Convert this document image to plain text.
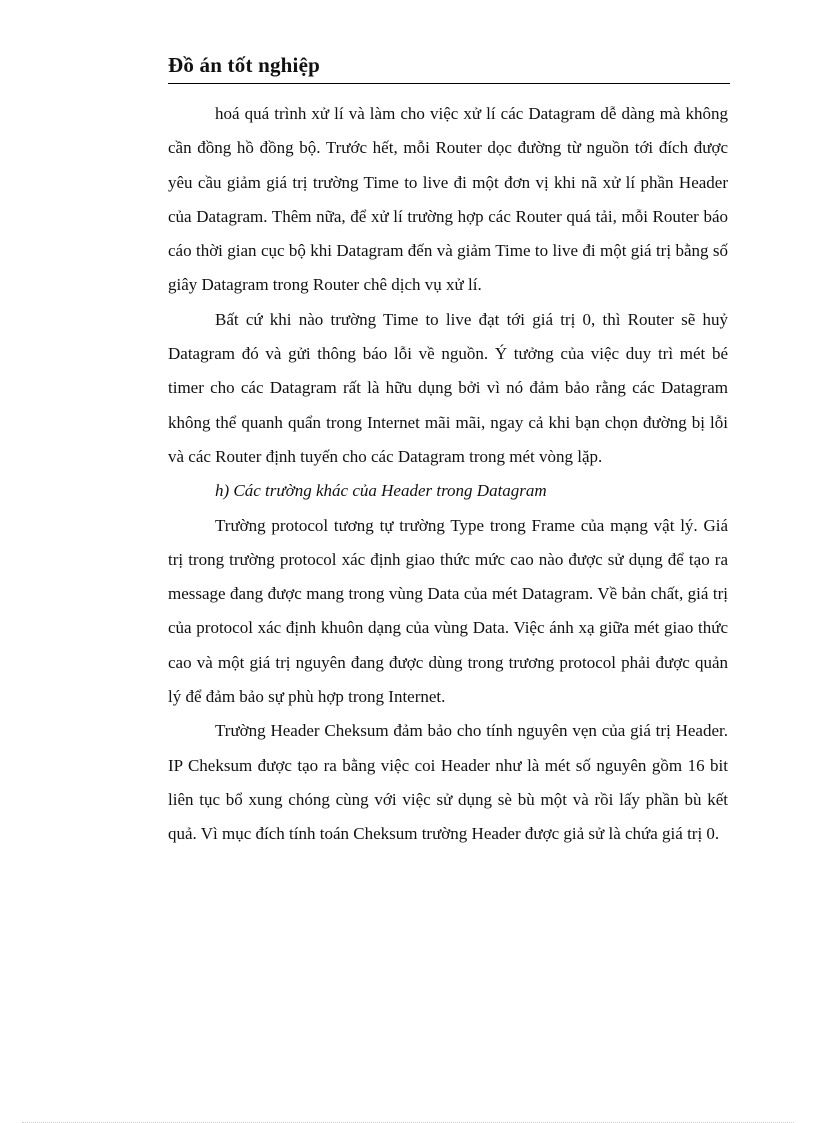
Đồ án tốt nghiệp

hoá quá trình xử lí và làm cho việc xử lí các Datagram dễ dàng mà không cần đồng hồ đồng bộ. Trước hết, mỗi Router dọc đường từ nguồn tới đích được yêu cầu giảm giá trị trường Time to live đi một đơn vị khi nã xử lí phần Header của Datagram. Thêm nữa, để xử lí trường hợp các Router quá tải, mỗi Router báo cáo thời gian cục bộ khi Datagram đến và giảm Time to live đi một giá trị bằng số giây Datagram trong Router chê dịch vụ xử lí.

Bất cứ khi nào trường Time to live đạt tới giá trị 0, thì Router sẽ huỷ Datagram đó và gửi thông báo lỗi về nguồn. Ý tưởng của việc duy trì mét bé timer cho các Datagram rất là hữu dụng bởi vì nó đảm bảo rằng các Datagram không thể quanh quẩn trong Internet mãi mãi, ngay cả khi bạn chọn đường bị lỗi và các Router định tuyến cho các Datagram trong mét vòng lặp.

h) Các trường khác của Header trong Datagram

Trường protocol tương tự trường Type trong Frame của mạng vật lý. Giá trị trong trường protocol xác định giao thức mức cao nào được sử dụng để tạo ra message đang được mang trong vùng Data của mét Datagram. Về bản chất, giá trị của protocol xác định khuôn dạng của vùng Data. Việc ánh xạ giữa mét giao thức cao và một giá trị nguyên đang được dùng trong trương protocol phải được quản lý để đảm bảo sự phù hợp trong Internet.

Trường Header Cheksum đảm bảo cho tính nguyên vẹn của giá trị Header. IP Cheksum được tạo ra bằng việc coi Header như là mét số nguyên gồm 16 bit liên tục bổ xung chóng cùng với việc sử dụng sè bù một và rồi lấy phần bù kết quả. Vì mục đích tính toán Cheksum trường Header được giả sử là chứa giá trị 0.
